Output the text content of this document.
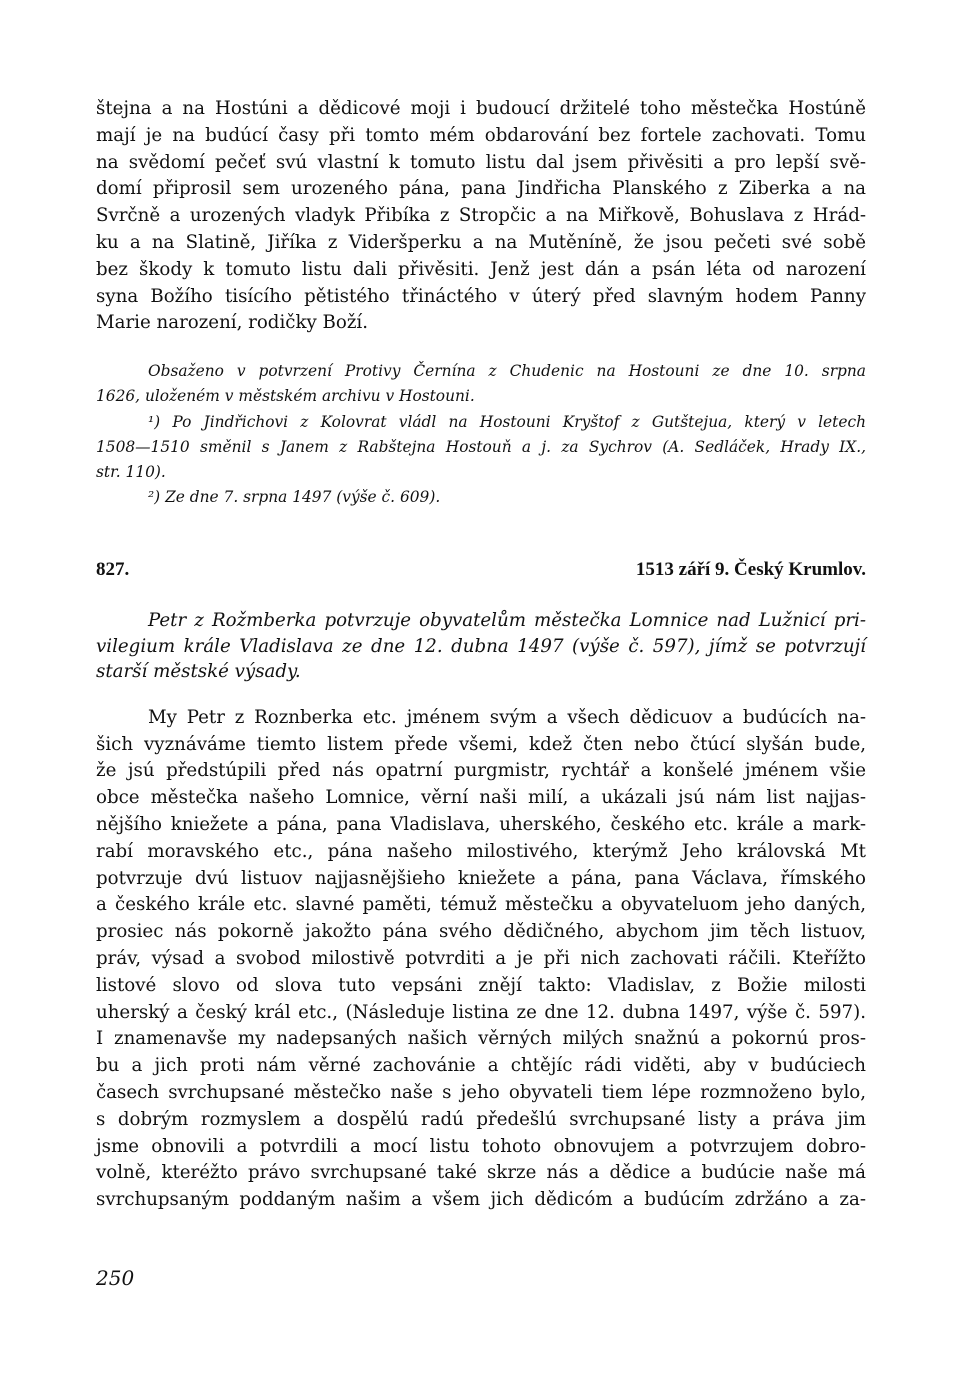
štejna a na Hostúni a dědicové moji i budoucí držitelé toho městečka Hostúně
mají je na budúcí časy při tomto mém obdarování bez fortele zachovati. Tomu
na svědomí pečeť svú vlastní k tomuto listu dal jsem přivěsiti a pro lepší svě-
domí připrosil sem urozeného pána, pana Jindřicha Planského z Ziberka a na
Svrčně a urozených vladyk Přibíka z Stropčic a na Miřkově, Bohuslava z Hrád-
ku a na Slatině, Jiříka z Videršperku a na Mutěníně, že jsou pečeti své sobě
bez škody k tomuto listu dali přivěsiti. Jenž jest dán a psán léta od narození
syna Božího tisícího pětistého třináctého v úterý před slavným hodem Panny
Marie narození, rodičky Boží.
Obsaženo v potvrzení Protivy Černína z Chudenic na Hostouni ze dne 10. srpna
1626, uloženém v městském archivu v Hostouni.
¹) Po Jindřichovi z Kolovrat vládl na Hostouni Kryštof z Gutštejua, který v letech
1508—1510 směnil s Janem z Rabštejna Hostouň a j. za Sychrov (A. Sedláček, Hrady IX.,
str. 110).
²) Ze dne 7. srpna 1497 (výše č. 609).
827.	1513 září 9. Český Krumlov.
Petr z Rožmberka potvrzuje obyvatelům městečka Lomnice nad Lužnicí pri-
vilegium krále Vladislava ze dne 12. dubna 1497 (výše č. 597), jímž se potvrzují
starší městské výsady.
My Petr z Roznberka etc. jménem svým a všech dědicuov a budúcích na-
šich vyznáváme tiemto listem přede všemi, kdež čten nebo čtúcí slyšán bude,
že jsú předstúpili před nás opatrní purgmistr, rychtář a konšelé jménem všie
obce městečka našeho Lomnice, věrní naši milí, a ukázali jsú nám list najjas-
nějšího kniežete a pána, pana Vladislava, uherského, českého etc. krále a mark-
rabí moravského etc., pána našeho milostivého, kterýmž Jeho královská Mt
potvrzuje dvú listuov najjasnějšieho kniežete a pána, pana Václava, římského
a českého krále etc. slavné paměti, témuž městečku a obyvateluom jeho daných,
prosiec nás pokorně jakožto pána svého dědičného, abychom jim těch listuov,
práv, výsad a svobod milostivě potvrditi a je při nich zachovati ráčili. Kteřížto
listové slovo od slova tuto vepsáni znějí takto: Vladislav, z Božie milosti
uherský a český král etc., (Následuje listina ze dne 12. dubna 1497, výše č. 597).
I znamenavše my nadepsaných našich věrných milých snažnú a pokornú pros-
bu a jich proti nám věrné zachovánie a chtějíc rádi viděti, aby v budúciech
časech svrchupsané městečko naše s jeho obyvateli tiem lépe rozmnoženo bylo,
s dobrým rozmyslem a dospělú radú předešlú svrchupsané listy a práva jim
jsme obnovili a potvrdili a mocí listu tohoto obnovujem a potvrzujem dobro-
volně, kteréžto právo svrchupsané také skrze nás a dědice a budúcie naše má
svrchupsaným poddaným našim a všem jich dědicóm a budúcím zdržáno a za-
250
